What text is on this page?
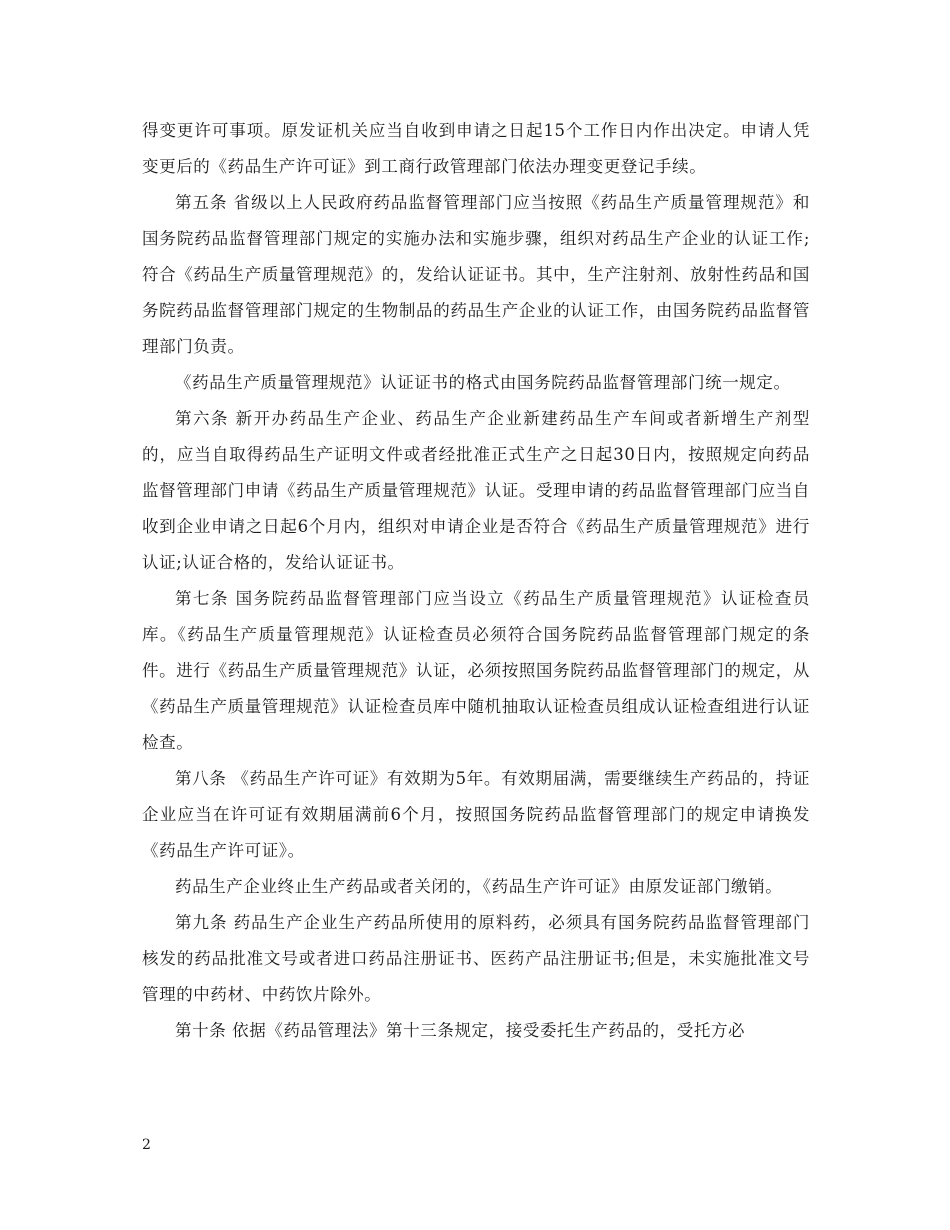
得变更许可事项。原发证机关应当自收到申请之日起15个工作日内作出决定。申请人凭变更后的《药品生产许可证》到工商行政管理部门依法办理变更登记手续。

第五条 省级以上人民政府药品监督管理部门应当按照《药品生产质量管理规范》和国务院药品监督管理部门规定的实施办法和实施步骤，组织对药品生产企业的认证工作;符合《药品生产质量管理规范》的，发给认证证书。其中，生产注射剂、放射性药品和国务院药品监督管理部门规定的生物制品的药品生产企业的认证工作，由国务院药品监督管理部门负责。

《药品生产质量管理规范》认证证书的格式由国务院药品监督管理部门统一规定。

第六条 新开办药品生产企业、药品生产企业新建药品生产车间或者新增生产剂型的，应当自取得药品生产证明文件或者经批准正式生产之日起30日内，按照规定向药品监督管理部门申请《药品生产质量管理规范》认证。受理申请的药品监督管理部门应当自收到企业申请之日起6个月内，组织对申请企业是否符合《药品生产质量管理规范》进行认证;认证合格的，发给认证证书。

第七条 国务院药品监督管理部门应当设立《药品生产质量管理规范》认证检查员库。《药品生产质量管理规范》认证检查员必须符合国务院药品监督管理部门规定的条件。进行《药品生产质量管理规范》认证，必须按照国务院药品监督管理部门的规定，从《药品生产质量管理规范》认证检查员库中随机抽取认证检查员组成认证检查组进行认证检查。

第八条 《药品生产许可证》有效期为5年。有效期届满，需要继续生产药品的，持证企业应当在许可证有效期届满前6个月，按照国务院药品监督管理部门的规定申请换发《药品生产许可证》。

药品生产企业终止生产药品或者关闭的，《药品生产许可证》由原发证部门缴销。

第九条 药品生产企业生产药品所使用的原料药，必须具有国务院药品监督管理部门核发的药品批准文号或者进口药品注册证书、医药产品注册证书;但是，未实施批准文号管理的中药材、中药饮片除外。

第十条 依据《药品管理法》第十三条规定，接受委托生产药品的，受托方必

2
